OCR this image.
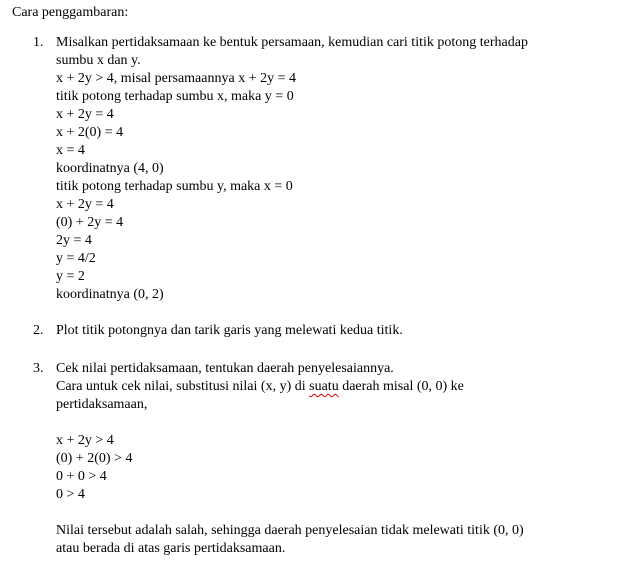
Cara penggambaran:
1. Misalkan pertidaksamaan ke bentuk persamaan, kemudian cari titik potong terhadap
sumbu x dan y.
x + 2y > 4, misal persamaannya x + 2y = 4
titik potong terhadap sumbu x, maka y = 0
x + 2y = 4
x + 2(0) = 4
x = 4
koordinatnya (4, 0)
titik potong terhadap sumbu y, maka x = 0
x + 2y = 4
(0) + 2y = 4
2y = 4
y = 4/2
y = 2
koordinatnya (0, 2)
2. Plot titik potongnya dan tarik garis yang melewati kedua titik.
3. Cek nilai pertidaksamaan, tentukan daerah penyelesaiannya.
Cara untuk cek nilai, substitusi nilai (x, y) di suatu daerah misal (0, 0) ke
pertidaksamaan,
x + 2y > 4
(0) + 2(0) > 4
0 + 0 > 4
0 > 4
Nilai tersebut adalah salah, sehingga daerah penyelesaian tidak melewati titik (0, 0)
atau berada di atas garis pertidaksamaan.
